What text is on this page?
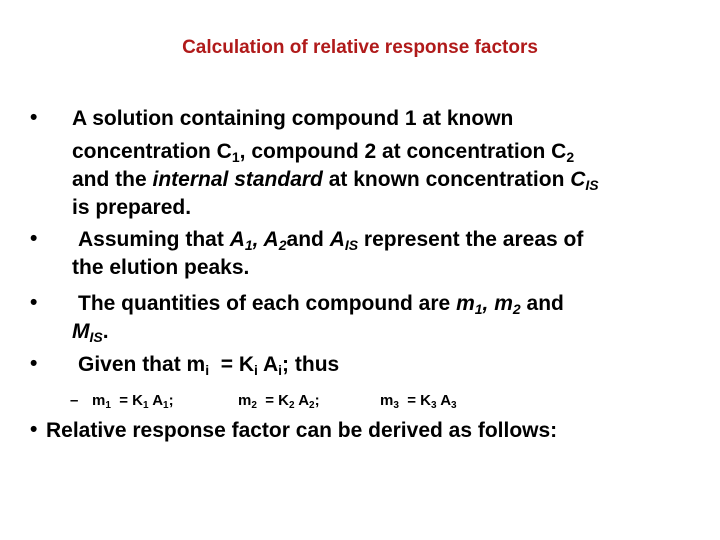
Calculation of relative response factors
• A solution containing compound 1 at known
concentration $C_1$, compound 2 at concentration $C_2$
and the internal standard at known concentration $C_{IS}$
is prepared.
• Assuming that $A_1$, $A_2and$ $A_{IS}$ represent the areas of
the elution peaks.
• The quantities of each compound are $m_1$, $m_2$ and
$M_{IS}$.
• Given that $m_i = K_i$ $A_i$; thus
– $m_1 = K_1$ $A_1$;	$m_2 = K_2$ $A_2$;	$m_3 = K_3$ $A_3$
• Relative response factor can be derived as follows:
